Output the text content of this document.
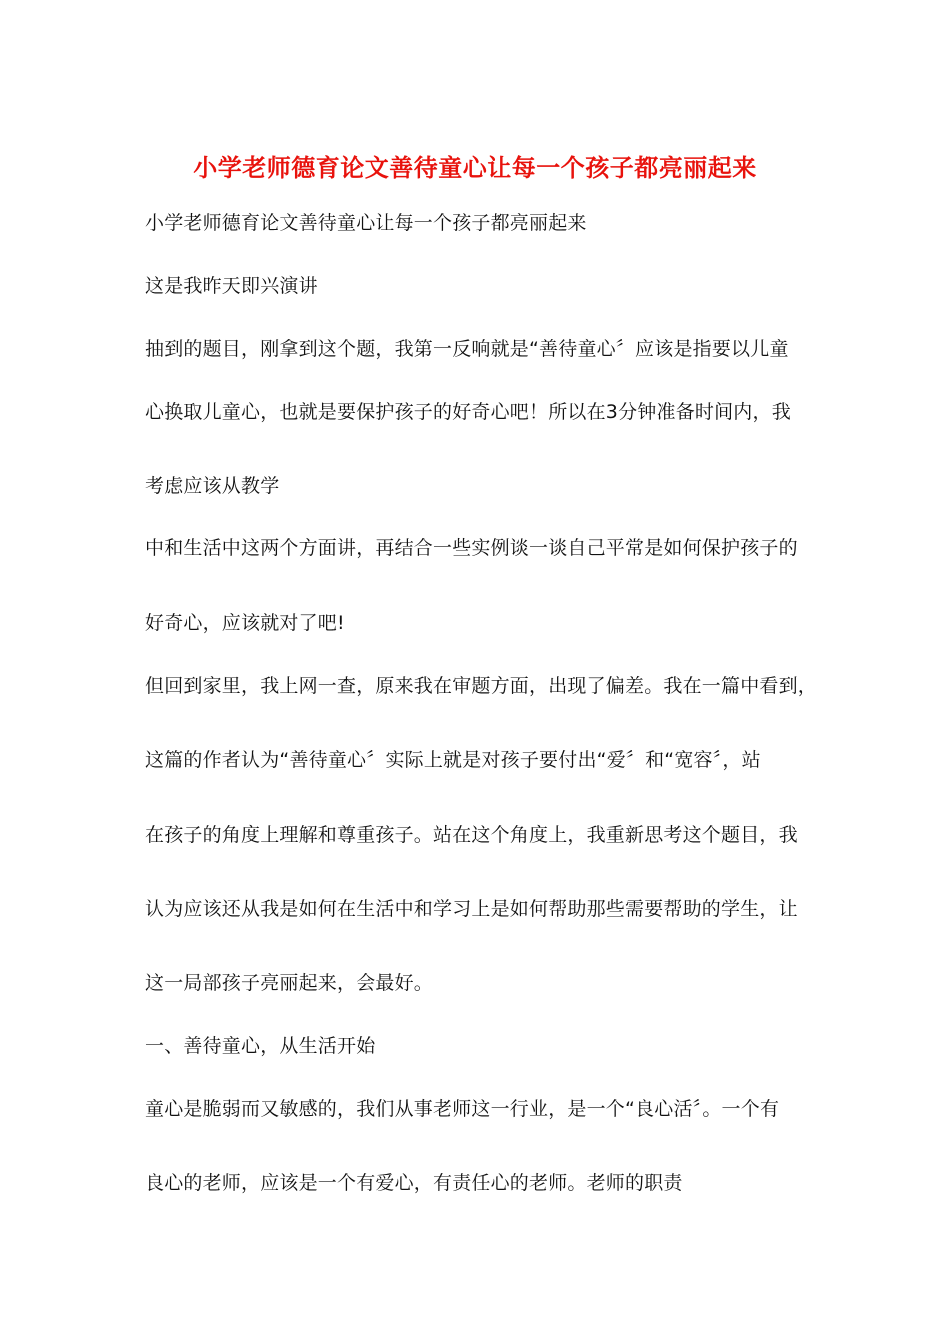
小学老师德育论文善待童心让每一个孩子都亮丽起来
小学老师德育论文善待童心让每一个孩子都亮丽起来
这是我昨天即兴演讲
抽到的题目，刚拿到这个题，我第一反响就是“善待童心〞应该是指要以儿童
心换取儿童心，也就是要保护孩子的好奇心吧！所以在3分钟准备时间内，我
考虑应该从教学
中和生活中这两个方面讲，再结合一些实例谈一谈自己平常是如何保护孩子的
好奇心，应该就对了吧!
但回到家里，我上网一查，原来我在审题方面，出现了偏差。我在一篇中看到，
这篇的作者认为“善待童心〞实际上就是对孩子要付出“爱〞和“宽容〞，站
在孩子的角度上理解和尊重孩子。站在这个角度上，我重新思考这个题目，我
认为应该还从我是如何在生活中和学习上是如何帮助那些需要帮助的学生，让
这一局部孩子亮丽起来，会最好。
一、善待童心，从生活开始
童心是脆弱而又敏感的，我们从事老师这一行业，是一个“良心活〞。一个有
良心的老师，应该是一个有爱心，有责任心的老师。老师的职责
